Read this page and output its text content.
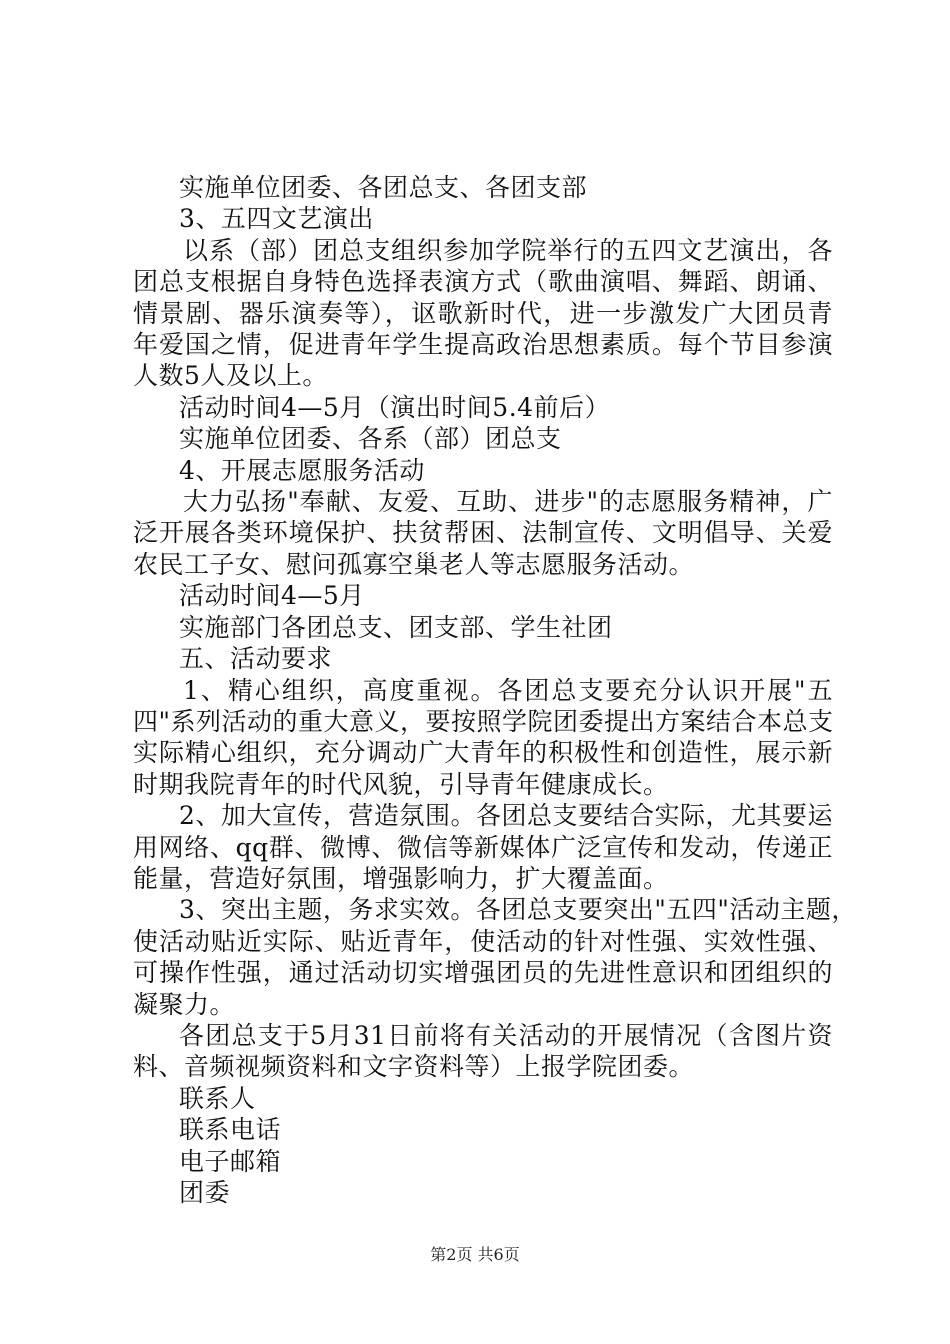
实施单位团委、各团总支、各团支部
3、五四文艺演出
以系（部）团总支组织参加学院举行的五四文艺演出，各
团总支根据自身特色选择表演方式（歌曲演唱、舞蹈、朗诵、
情景剧、器乐演奏等），讴歌新时代，进一步激发广大团员青
年爱国之情，促进青年学生提高政治思想素质。每个节目参演
人数5人及以上。
活动时间4—5月（演出时间5.4前后）
实施单位团委、各系（部）团总支
4、开展志愿服务活动
大力弘扬"奉献、友爱、互助、进步"的志愿服务精神，广
泛开展各类环境保护、扶贫帮困、法制宣传、文明倡导、关爱
农民工子女、慰问孤寡空巢老人等志愿服务活动。
活动时间4—5月
实施部门各团总支、团支部、学生社团
五、活动要求
1、精心组织，高度重视。各团总支要充分认识开展"五
四"系列活动的重大意义，要按照学院团委提出方案结合本总支
实际精心组织，充分调动广大青年的积极性和创造性，展示新
时期我院青年的时代风貌，引导青年健康成长。
2、加大宣传，营造氛围。各团总支要结合实际，尤其要运
用网络、qq群、微博、微信等新媒体广泛宣传和发动，传递正
能量，营造好氛围，增强影响力，扩大覆盖面。
3、突出主题，务求实效。各团总支要突出"五四"活动主题，
使活动贴近实际、贴近青年，使活动的针对性强、实效性强、
可操作性强，通过活动切实增强团员的先进性意识和团组织的
凝聚力。
各团总支于5月31日前将有关活动的开展情况（含图片资
料、音频视频资料和文字资料等）上报学院团委。
联系人
联系电话
电子邮箱
团委
第2页 共6页
